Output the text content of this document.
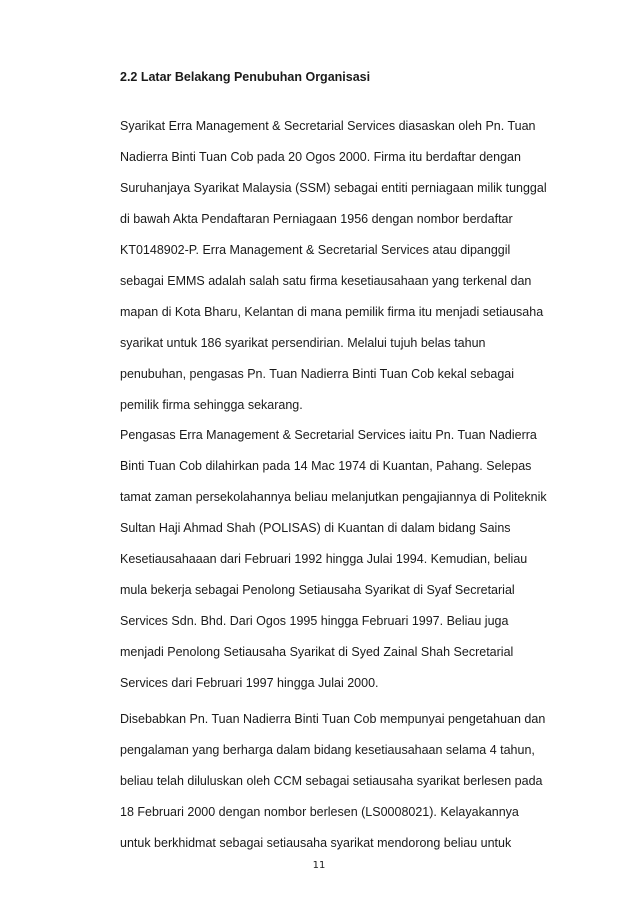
2.2 Latar Belakang Penubuhan Organisasi
Syarikat Erra Management & Secretarial Services diasaskan oleh Pn. Tuan
Nadierra Binti Tuan Cob pada 20 Ogos 2000. Firma itu berdaftar dengan
Suruhanjaya Syarikat Malaysia (SSM) sebagai entiti perniagaan milik tunggal
di bawah Akta Pendaftaran Perniagaan 1956 dengan nombor berdaftar
KT0148902-P. Erra Management & Secretarial Services atau dipanggil
sebagai EMMS adalah salah satu firma kesetiausahaan yang terkenal dan
mapan di Kota Bharu, Kelantan di mana pemilik firma itu menjadi setiausaha
syarikat untuk 186 syarikat persendirian. Melalui tujuh belas tahun
penubuhan, pengasas Pn. Tuan Nadierra Binti Tuan Cob kekal sebagai
pemilik firma sehingga sekarang.
Pengasas Erra Management & Secretarial Services iaitu Pn. Tuan Nadierra
Binti Tuan Cob dilahirkan pada 14 Mac 1974 di Kuantan, Pahang. Selepas
tamat zaman persekolahannya beliau melanjutkan pengajiannya di Politeknik
Sultan Haji Ahmad Shah (POLISAS) di Kuantan di dalam bidang Sains
Kesetiausahaaan dari Februari 1992 hingga Julai 1994. Kemudian, beliau
mula bekerja sebagai Penolong Setiausaha Syarikat di Syaf Secretarial
Services Sdn. Bhd. Dari Ogos 1995 hingga Februari 1997. Beliau juga
menjadi Penolong Setiausaha Syarikat di Syed Zainal Shah Secretarial
Services dari Februari 1997 hingga Julai 2000.
Disebabkan Pn. Tuan Nadierra Binti Tuan Cob mempunyai pengetahuan dan
pengalaman yang berharga dalam bidang kesetiausahaan selama 4 tahun,
beliau telah diluluskan oleh CCM sebagai setiausaha syarikat berlesen pada
18 Februari 2000 dengan nombor berlesen (LS0008021). Kelayakannya
untuk berkhidmat sebagai setiausaha syarikat mendorong beliau untuk
11
